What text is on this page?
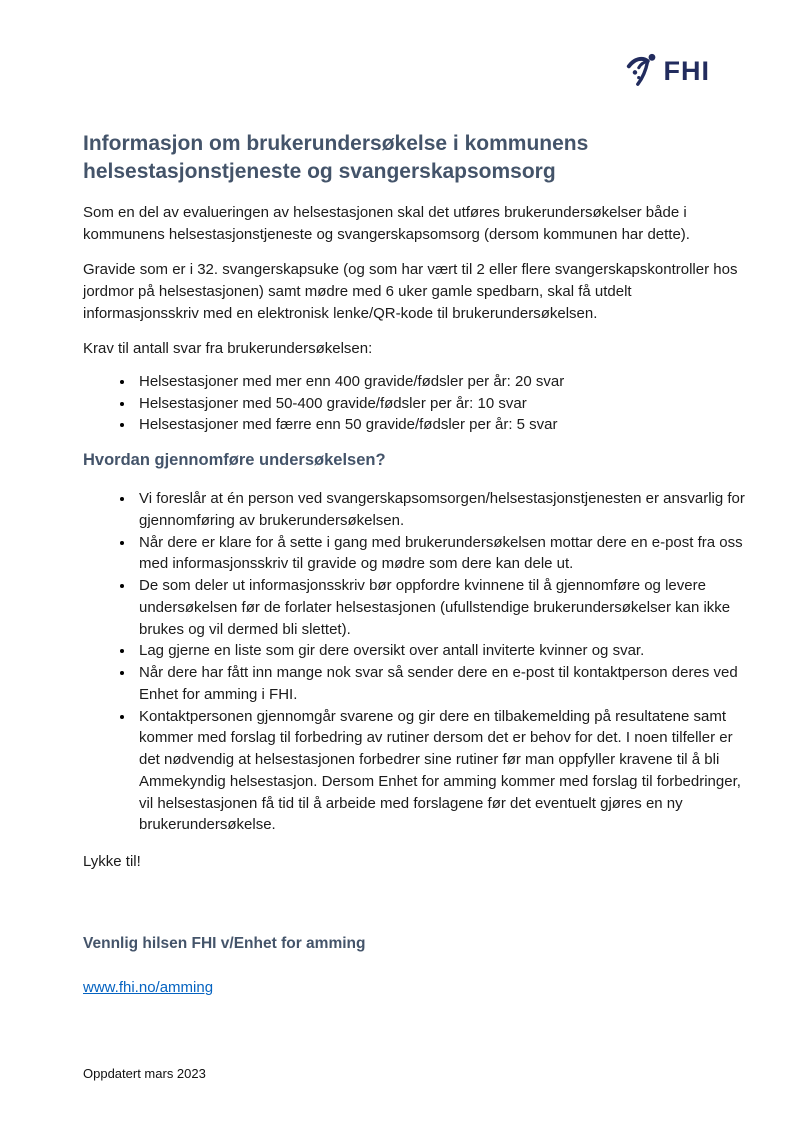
FHI
Informasjon om brukerundersøkelse i kommunens helsestasjonstjeneste og svangerskapsomsorg

Som en del av evalueringen av helsestasjonen skal det utføres brukerundersøkelser både i kommunens helsestasjonstjeneste og svangerskapsomsorg (dersom kommunen har dette).

Gravide som er i 32. svangerskapsuke (og som har vært til 2 eller flere svangerskapskontroller hos jordmor på helsestasjonen) samt mødre med 6 uker gamle spedbarn, skal få utdelt informasjonsskriv med en elektronisk lenke/QR-kode til brukerundersøkelsen.

Krav til antall svar fra brukerundersøkelsen:

• Helsestasjoner med mer enn 400 gravide/fødsler per år: 20 svar
• Helsestasjoner med 50-400 gravide/fødsler per år: 10 svar
• Helsestasjoner med færre enn 50 gravide/fødsler per år: 5 svar
Hvordan gjennomføre undersøkelsen?
• Vi foreslår at én person ved svangerskapsomsorgen/helsestasjonstjenesten er ansvarlig for gjennomføring av brukerundersøkelsen.
• Når dere er klare for å sette i gang med brukerundersøkelsen mottar dere en e-post fra oss med informasjonsskriv til gravide og mødre som dere kan dele ut.
• De som deler ut informasjonsskriv bør oppfordre kvinnene til å gjennomføre og levere undersøkelsen før de forlater helsestasjonen (ufullstendige brukerundersøkelser kan ikke brukes og vil dermed bli slettet).
• Lag gjerne en liste som gir dere oversikt over antall inviterte kvinner og svar.
• Når dere har fått inn mange nok svar så sender dere en e-post til kontaktperson deres ved Enhet for amming i FHI.
• Kontaktpersonen gjennomgår svarene og gir dere en tilbakemelding på resultatene samt kommer med forslag til forbedring av rutiner dersom det er behov for det. I noen tilfeller er det nødvendig at helsestasjonen forbedrer sine rutiner før man oppfyller kravene til å bli Ammekyndig helsestasjon. Dersom Enhet for amming kommer med forslag til forbedringer, vil helsestasjonen få tid til å arbeide med forslagene før det eventuelt gjøres en ny brukerundersøkelse.

Lykke til!

Vennlig hilsen FHI v/Enhet for amming

www.fhi.no/amming
Oppdatert mars 2023
